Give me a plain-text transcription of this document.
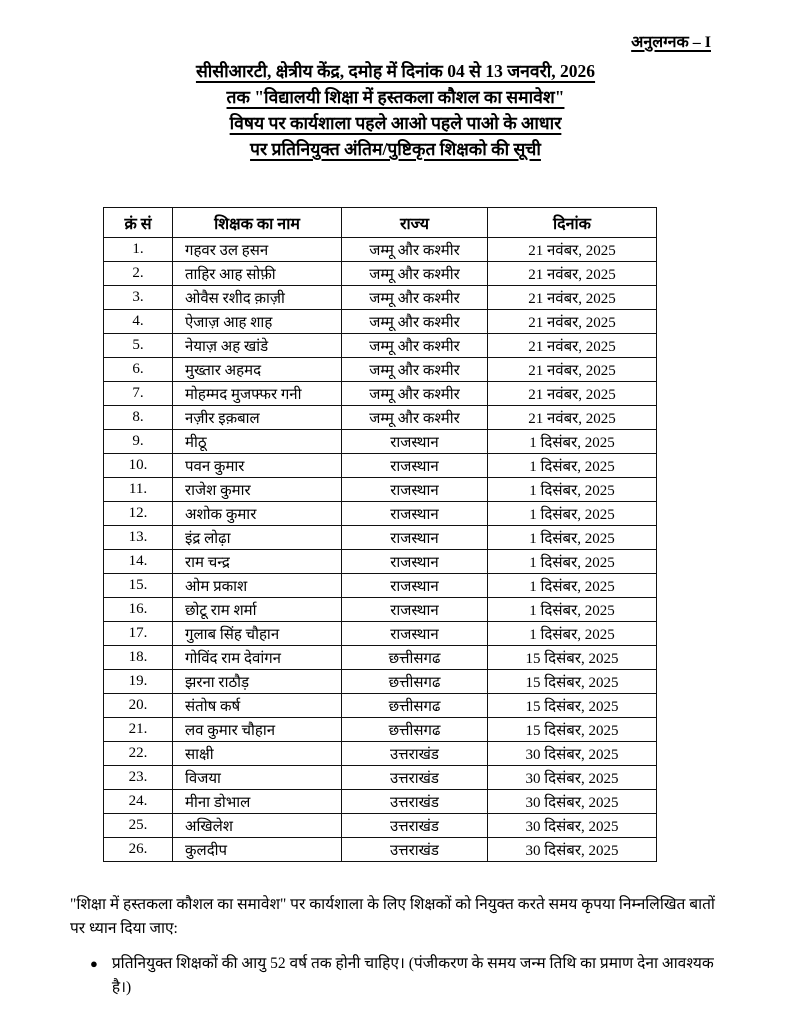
अनुलग्नक – I
सीसीआरटी, क्षेत्रीय केंद्र, दमोह में दिनांक 04 से 13 जनवरी, 2026
तक "विद्यालयी शिक्षा में हस्तकला कौशल का समावेश"
विषय पर कार्यशाला पहले आओ पहले पाओ के आधार
पर प्रतिनियुक्त अंतिम/पुष्टिकृत शिक्षको की सूची
क्रं सं	शिक्षक का नाम	राज्य	दिनांक
1.	गहवर उल हसन	जम्मू और कश्मीर	21 नवंबर, 2025
2.	ताहिर आह सोफ़ी	जम्मू और कश्मीर	21 नवंबर, 2025
3.	ओवैस रशीद क़ाज़ी	जम्मू और कश्मीर	21 नवंबर, 2025
4.	ऐजाज़ आह शाह	जम्मू और कश्मीर	21 नवंबर, 2025
5.	नेयाज़ अह खांडे	जम्मू और कश्मीर	21 नवंबर, 2025
6.	मुख्तार अहमद	जम्मू और कश्मीर	21 नवंबर, 2025
7.	मोहम्मद मुजफ्फर गनी	जम्मू और कश्मीर	21 नवंबर, 2025
8.	नज़ीर इक़बाल	जम्मू और कश्मीर	21 नवंबर, 2025
9.	मीठू	राजस्थान	1 दिसंबर, 2025
10.	पवन कुमार	राजस्थान	1 दिसंबर, 2025
11.	राजेश कुमार	राजस्थान	1 दिसंबर, 2025
12.	अशोक कुमार	राजस्थान	1 दिसंबर, 2025
13.	इंद्र लोढ़ा	राजस्थान	1 दिसंबर, 2025
14.	राम चन्द्र	राजस्थान	1 दिसंबर, 2025
15.	ओम प्रकाश	राजस्थान	1 दिसंबर, 2025
16.	छोटू राम शर्मा	राजस्थान	1 दिसंबर, 2025
17.	गुलाब सिंह चौहान	राजस्थान	1 दिसंबर, 2025
18.	गोविंद राम देवांगन	छत्तीसगढ	15 दिसंबर, 2025
19.	झरना राठौड़	छत्तीसगढ	15 दिसंबर, 2025
20.	संतोष कर्ष	छत्तीसगढ	15 दिसंबर, 2025
21.	लव कुमार चौहान	छत्तीसगढ	15 दिसंबर, 2025
22.	साक्षी	उत्तराखंड	30 दिसंबर, 2025
23.	विजया	उत्तराखंड	30 दिसंबर, 2025
24.	मीना डोभाल	उत्तराखंड	30 दिसंबर, 2025
25.	अखिलेश	उत्तराखंड	30 दिसंबर, 2025
26.	कुलदीप	उत्तराखंड	30 दिसंबर, 2025
"शिक्षा में हस्तकला कौशल का समावेश" पर कार्यशाला के लिए शिक्षकों को नियुक्त करते समय कृपया निम्नलिखित बातों पर ध्यान दिया जाए:
● प्रतिनियुक्त शिक्षकों की आयु 52 वर्ष तक होनी चाहिए। (पंजीकरण के समय जन्म तिथि का प्रमाण देना आवश्यक है।)
